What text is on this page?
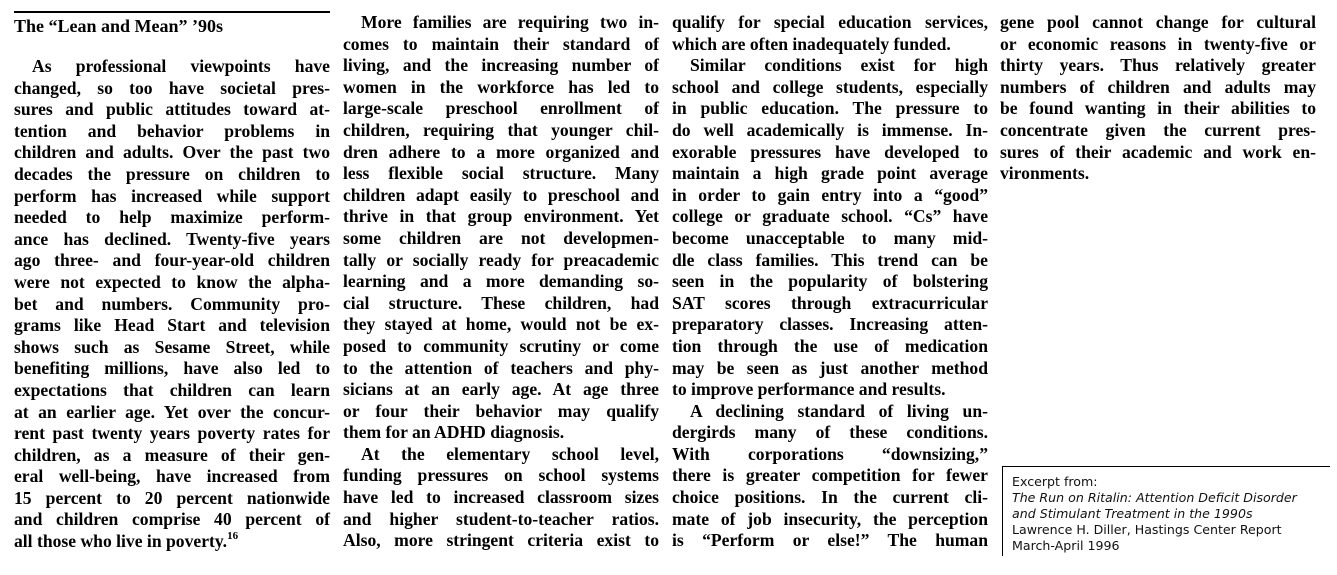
The “Lean and Mean” ’90s
As professional viewpoints have
changed, so too have societal pres-
sures and public attitudes toward at-
tention and behavior problems in
children and adults. Over the past two
decades the pressure on children to
perform has increased while support
needed to help maximize perform-
ance has declined. Twenty-five years
ago three- and four-year-old children
were not expected to know the alpha-
bet and numbers. Community pro-
grams like Head Start and television
shows such as Sesame Street, while
benefiting millions, have also led to
expectations that children can learn
at an earlier age. Yet over the concur-
rent past twenty years poverty rates for
children, as a measure of their gen-
eral well-being, have increased from
15 percent to 20 percent nationwide
and children comprise 40 percent of
all those who live in poverty.$^{16}$
More families are requiring two in-
comes to maintain their standard of
living, and the increasing number of
women in the workforce has led to
large-scale preschool enrollment of
children, requiring that younger chil-
dren adhere to a more organized and
less flexible social structure. Many
children adapt easily to preschool and
thrive in that group environment. Yet
some children are not developmen-
tally or socially ready for preacademic
learning and a more demanding so-
cial structure. These children, had
they stayed at home, would not be ex-
posed to community scrutiny or come
to the attention of teachers and phy-
sicians at an early age. At age three
or four their behavior may qualify
them for an ADHD diagnosis.
At the elementary school level,
funding pressures on school systems
have led to increased classroom sizes
and higher student-to-teacher ratios.
Also, more stringent criteria exist to
qualify for special education services,
which are often inadequately funded.
Similar conditions exist for high
school and college students, especially
in public education. The pressure to
do well academically is immense. In-
exorable pressures have developed to
maintain a high grade point average
in order to gain entry into a “good”
college or graduate school. “Cs” have
become unacceptable to many mid-
dle class families. This trend can be
seen in the popularity of bolstering
SAT scores through extracurricular
preparatory classes. Increasing atten-
tion through the use of medication
may be seen as just another method
to improve performance and results.
A declining standard of living un-
dergirds many of these conditions.
With corporations “downsizing,”
there is greater competition for fewer
choice positions. In the current cli-
mate of job insecurity, the perception
is “Perform or else!” The human
gene pool cannot change for cultural
or economic reasons in twenty-five or
thirty years. Thus relatively greater
numbers of children and adults may
be found wanting in their abilities to
concentrate given the current pres-
sures of their academic and work en-
vironments.
Excerpt from:
The Run on Ritalin: Attention Deficit Disorder
and Stimulant Treatment in the 1990s
Lawrence H. Diller, Hastings Center Report
March-April 1996
